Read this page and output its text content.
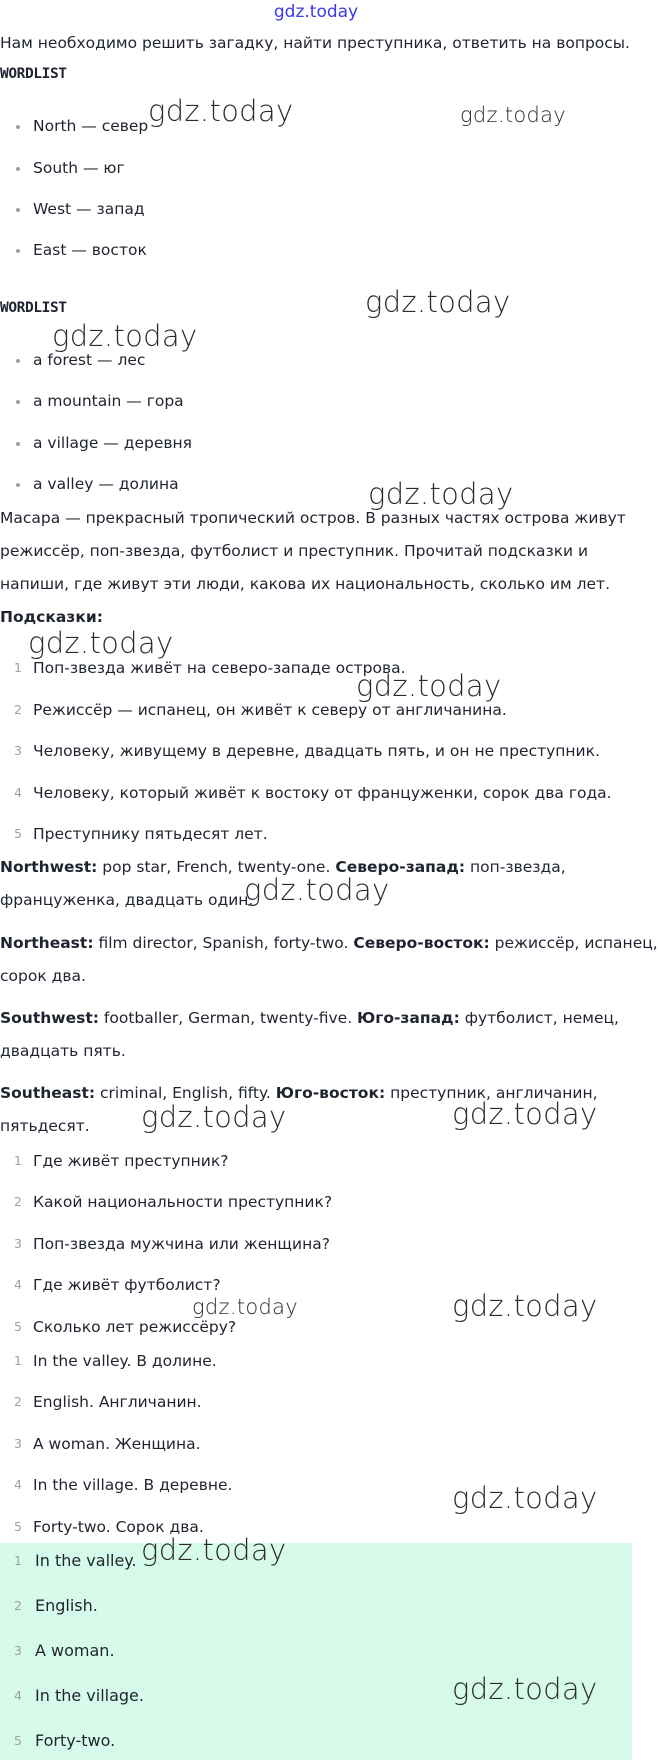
gdz.today

Нам необходимо решить загадку, найти преступника, ответить на вопросы.

WORDLIST

North — север
South — юг
West — запад
East — восток

WORDLIST

a forest — лес
a mountain — гора
a village — деревня
a valley — долина

Масара — прекрасный тропический остров. В разных частях острова живут

режиссёр, поп-звезда, футболист и преступник. Прочитай подсказки и

напиши, где живут эти люди, какова их национальность, сколько им лет.

Подсказки:

1 Поп-звезда живёт на северо-западе острова.
2 Режиссёр — испанец, он живёт к северу от англичанина.
3 Человеку, живущему в деревне, двадцать пять, и он не преступник.
4 Человеку, который живёт к востоку от француженки, сорок два года.
5 Преступнику пятьдесят лет.

Northwest: pop star, French, twenty-one. Северо-запад: поп-звезда,

француженка, двадцать один.

Northeast: film director, Spanish, forty-two. Северо-восток: режиссёр, испанец,

сорок два.

Southwest: footballer, German, twenty-five. Юго-запад: футболист, немец,

двадцать пять.

Southeast: criminal, English, fifty. Юго-восток: преступник, англичанин,

пятьдесят.

1 Где живёт преступник?
2 Какой национальности преступник?
3 Поп-звезда мужчина или женщина?
4 Где живёт футболист?
5 Сколько лет режиссёру?
1 In the valley. В долине.
2 English. Англичанин.
3 A woman. Женщина.
4 In the village. В деревне.
5 Forty-two. Сорок два.
1 In the valley.
2 English.
3 A woman.
4 In the village.
5 Forty-two.
gdz.today	gdz.today
gdz.today
gdz.today
gdz.today
gdz.today
gdz.today
gdz.today
gdz.today	gdz.today
gdz.today	gdz.today
gdz.today
gdz.today
gdz.today
